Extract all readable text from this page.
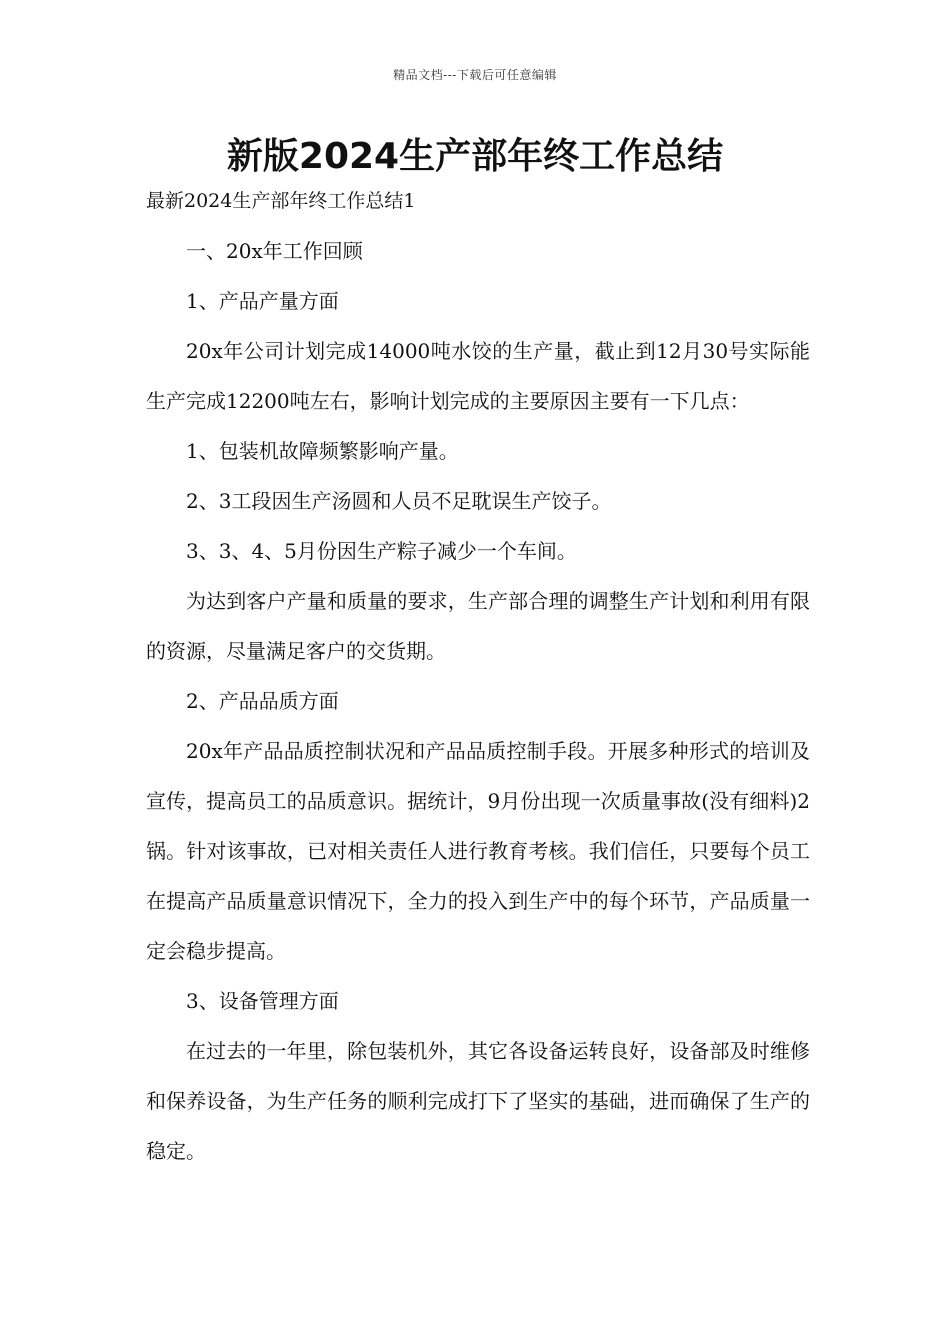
精品文档---下载后可任意编辑
新版2024生产部年终工作总结
最新2024生产部年终工作总结1

一、20x年工作回顾

1、产品产量方面

20x年公司计划完成14000吨水饺的生产量，截止到12月30号实际能生产完成12200吨左右，影响计划完成的主要原因主要有一下几点：

1、包装机故障频繁影响产量。

2、3工段因生产汤圆和人员不足耽误生产饺子。

3、3、4、5月份因生产粽子减少一个车间。

为达到客户产量和质量的要求，生产部合理的调整生产计划和利用有限的资源，尽量满足客户的交货期。

2、产品品质方面

20x年产品品质控制状况和产品品质控制手段。开展多种形式的培训及宣传，提高员工的品质意识。据统计，9月份出现一次质量事故(没有细料)2锅。针对该事故，已对相关责任人进行教育考核。我们信任，只要每个员工在提高产品质量意识情况下，全力的投入到生产中的每个环节，产品质量一定会稳步提高。

3、设备管理方面

在过去的一年里，除包装机外，其它各设备运转良好，设备部及时维修和保养设备，为生产任务的顺利完成打下了坚实的基础，进而确保了生产的稳定。
